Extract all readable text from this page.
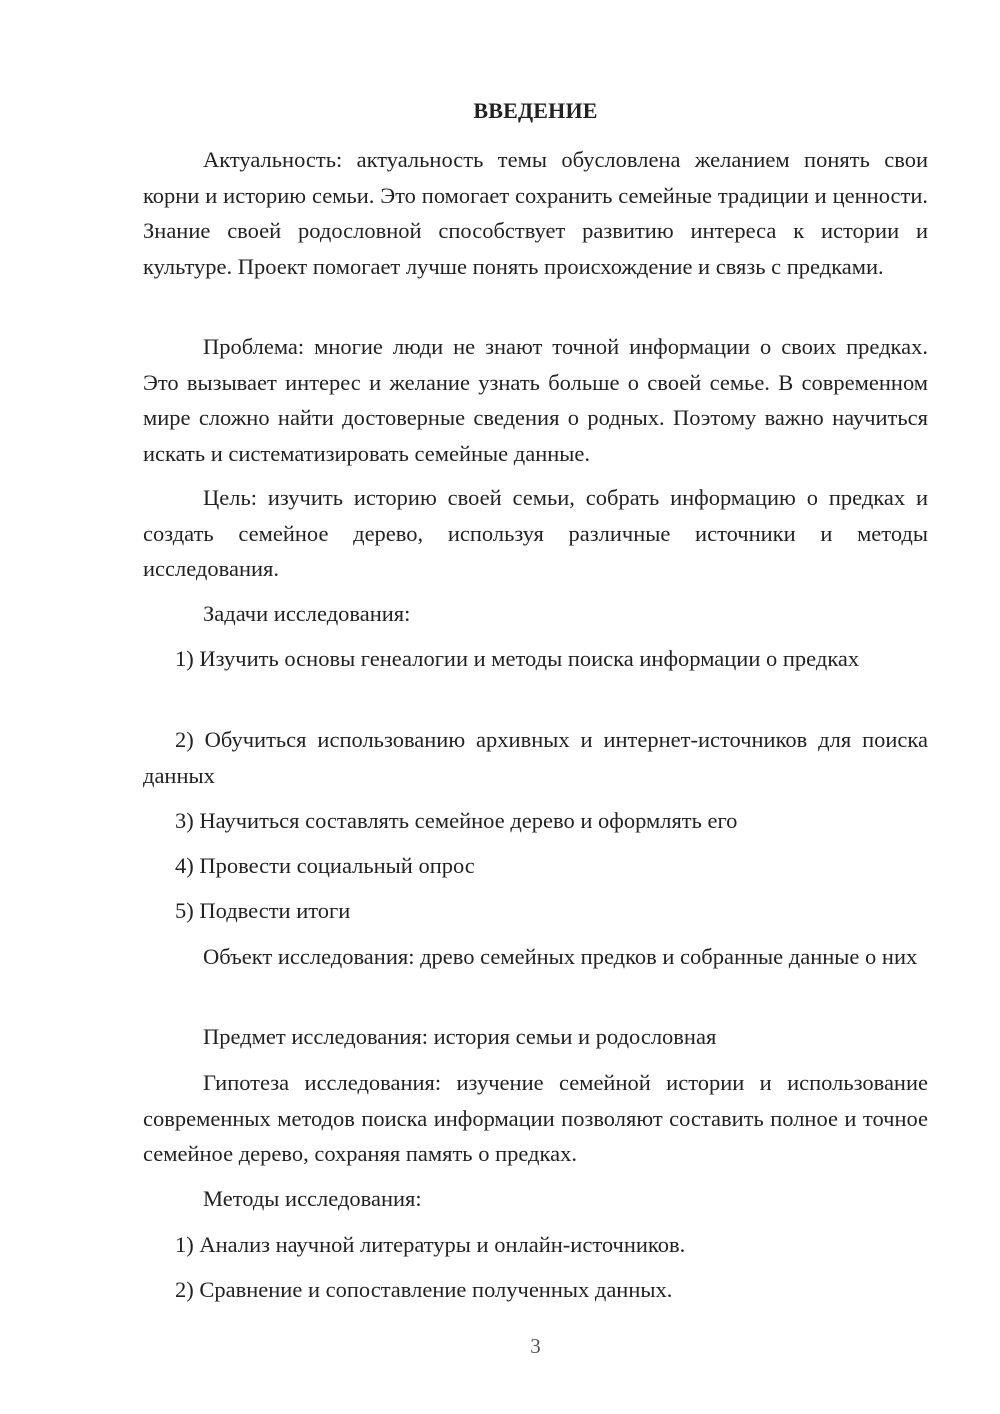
ВВЕДЕНИЕ

Актуальность: актуальность темы обусловлена желанием понять свои корни и историю семьи. Это помогает сохранить семейные традиции и ценности. Знание своей родословной способствует развитию интереса к истории и культуре. Проект помогает лучше понять происхождение и связь с предками.

Проблема: многие люди не знают точной информации о своих предках. Это вызывает интерес и желание узнать больше о своей семье. В современном мире сложно найти достоверные сведения о родных. Поэтому важно научиться искать и систематизировать семейные данные.

Цель: изучить историю своей семьи, собрать информацию о предках и создать семейное дерево, используя различные источники и методы исследования.

Задачи исследования:

1) Изучить основы генеалогии и методы поиска информации о предках

2) Обучиться использованию архивных и интернет-источников для поиска данных

3) Научиться составлять семейное дерево и оформлять его

4) Провести социальный опрос

5) Подвести итоги

Объект исследования: древо семейных предков и собранные данные о них

Предмет исследования: история семьи и родословная

Гипотеза исследования: изучение семейной истории и использование современных методов поиска информации позволяют составить полное и точное семейное дерево, сохраняя память о предках.

Методы исследования:

1) Анализ научной литературы и онлайн-источников.

2) Сравнение и сопоставление полученных данных.

3
